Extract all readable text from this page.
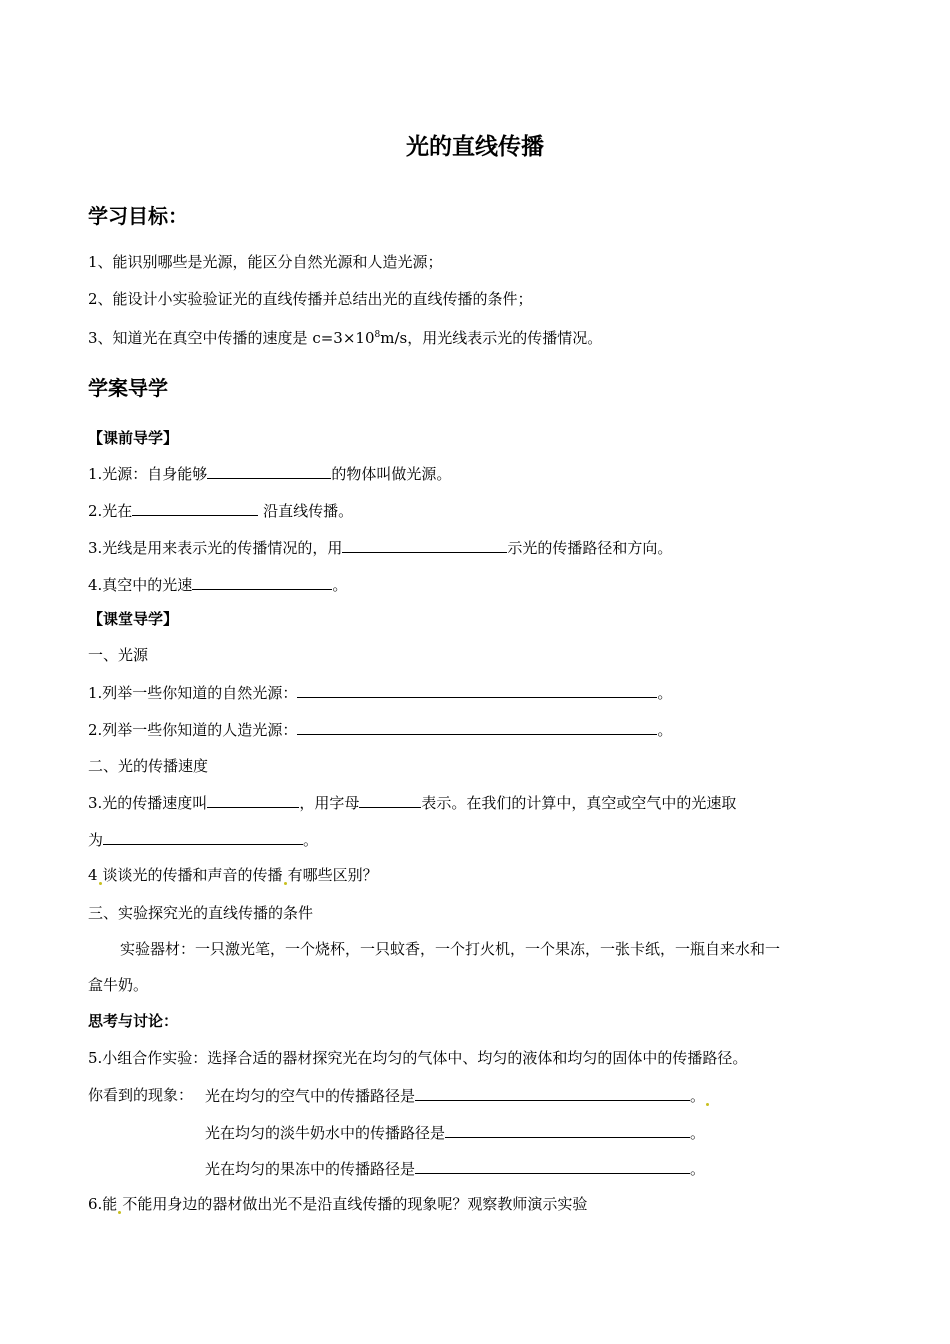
光的直线传播
学习目标：
1、能识别哪些是光源，能区分自然光源和人造光源；
2、能设计小实验验证光的直线传播并总结出光的直线传播的条件；
3、知道光在真空中传播的速度是 $c=3\times 10^8m/s$，用光线表示光的传播情况。
学案导学
【课前导学】
1.光源：自身能够	的物体叫做光源。
2.光在	沿直线传播。
3.光线是用来表示光的传播情况的，用	示光的传播路径和方向。
4.真空中的光速	。
【课堂导学】
一、光源
1.列举一些你知道的自然光源：	。
2.列举一些你知道的人造光源：	。
二、光的传播速度
3.光的传播速度叫	，用字母	表示。在我们的计算中，真空或空气中的光速取
为	。
4 谈谈光的传播和声音的传播 有哪些区别？
三、实验探究光的直线传播的条件
实验器材：一只激光笔，一个烧杯，一只蚊香，一个打火机，一个果冻，一张卡纸，一瓶自来水和一
盒牛奶。
思考与讨论：
5.小组合作实验：选择合适的器材探究光在均匀的气体中、均匀的液体和均匀的固体中的传播路径。
你看到的现象： 光在均匀的空气中的传播路径是	。
光在均匀的淡牛奶水中的传播路径是	。
光在均匀的果冻中的传播路径是	。
6.能 不能用身边的器材做出光不是沿直线传播的现象呢？观察教师演示实验
